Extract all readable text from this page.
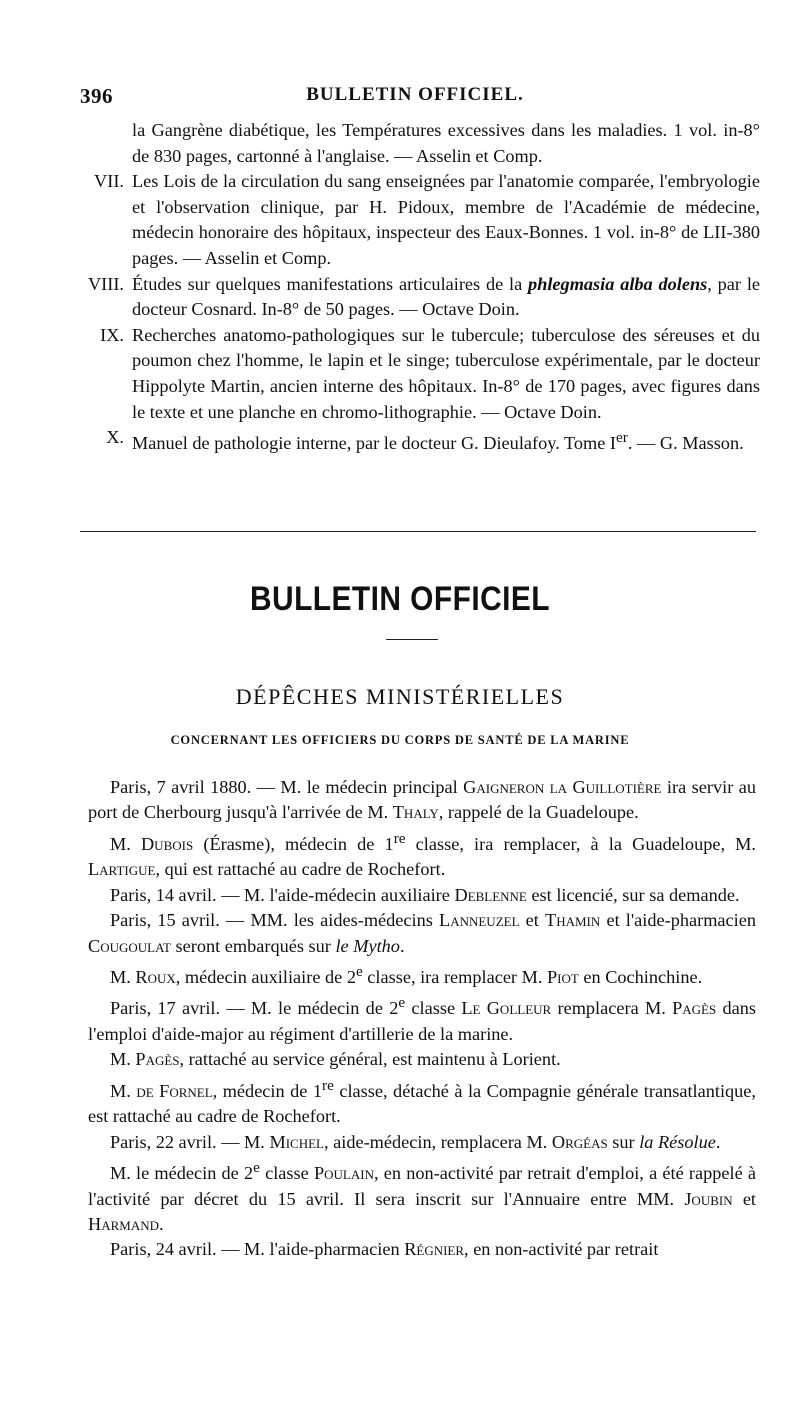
396	BULLETIN OFFICIEL.
la Gangrène diabétique, les Températures excessives dans les maladies. 1 vol. in-8° de 830 pages, cartonné à l'anglaise. — Asselin et Comp.
VII. Les Lois de la circulation du sang enseignées par l'anatomie comparée, l'embryologie et l'observation clinique, par H. Pidoux, membre de l'Académie de médecine, médecin honoraire des hôpitaux, inspecteur des Eaux-Bonnes. 1 vol. in-8° de LII-380 pages. — Asselin et Comp.
VIII. Études sur quelques manifestations articulaires de la phlegmasia alba dolens, par le docteur Cosnard. In-8° de 50 pages. — Octave Doin.
IX. Recherches anatomo-pathologiques sur le tubercule; tuberculose des séreuses et du poumon chez l'homme, le lapin et le singe; tuberculose expérimentale, par le docteur Hippolyte Martin, ancien interne des hôpitaux. In-8° de 170 pages, avec figures dans le texte et une planche en chromo-lithographie. — Octave Doin.
X. Manuel de pathologie interne, par le docteur G. Dieulafoy. Tome Ier. — G. Masson.
BULLETIN OFFICIEL
DÉPÊCHES MINISTÉRIELLES
CONCERNANT LES OFFICIERS DU CORPS DE SANTÉ DE LA MARINE

Paris, 7 avril 1880. — M. le médecin principal Gaigneron la Guillotière ira servir au port de Cherbourg jusqu'à l'arrivée de M. Thaly, rappelé de la Guadeloupe.

M. Dubois (Érasme), médecin de 1re classe, ira remplacer, à la Guadeloupe, M. Lartigue, qui est rattaché au cadre de Rochefort.

Paris, 14 avril. — M. l'aide-médecin auxiliaire Deblenne est licencié, sur sa demande.

Paris, 15 avril. — MM. les aides-médecins Lanneuzel et Thamin et l'aide-pharmacien Cougoulat seront embarqués sur le Mytho.

M. Roux, médecin auxiliaire de 2e classe, ira remplacer M. Piot en Cochinchine.

Paris, 17 avril. — M. le médecin de 2e classe Le Golleur remplacera M. Pagès dans l'emploi d'aide-major au régiment d'artillerie de la marine.

M. Pagès, rattaché au service général, est maintenu à Lorient.

M. de Fornel, médecin de 1re classe, détaché à la Compagnie générale transatlantique, est rattaché au cadre de Rochefort.

Paris, 22 avril. — M. Michel, aide-médecin, remplacera M. Orgéas sur la Résolue.

M. le médecin de 2e classe Poulain, en non-activité par retrait d'emploi, a été rappelé à l'activité par décret du 15 avril. Il sera inscrit sur l'Annuaire entre MM. Joubin et Harmand.

Paris, 24 avril. — M. l'aide-pharmacien Régnier, en non-activité par retrait
